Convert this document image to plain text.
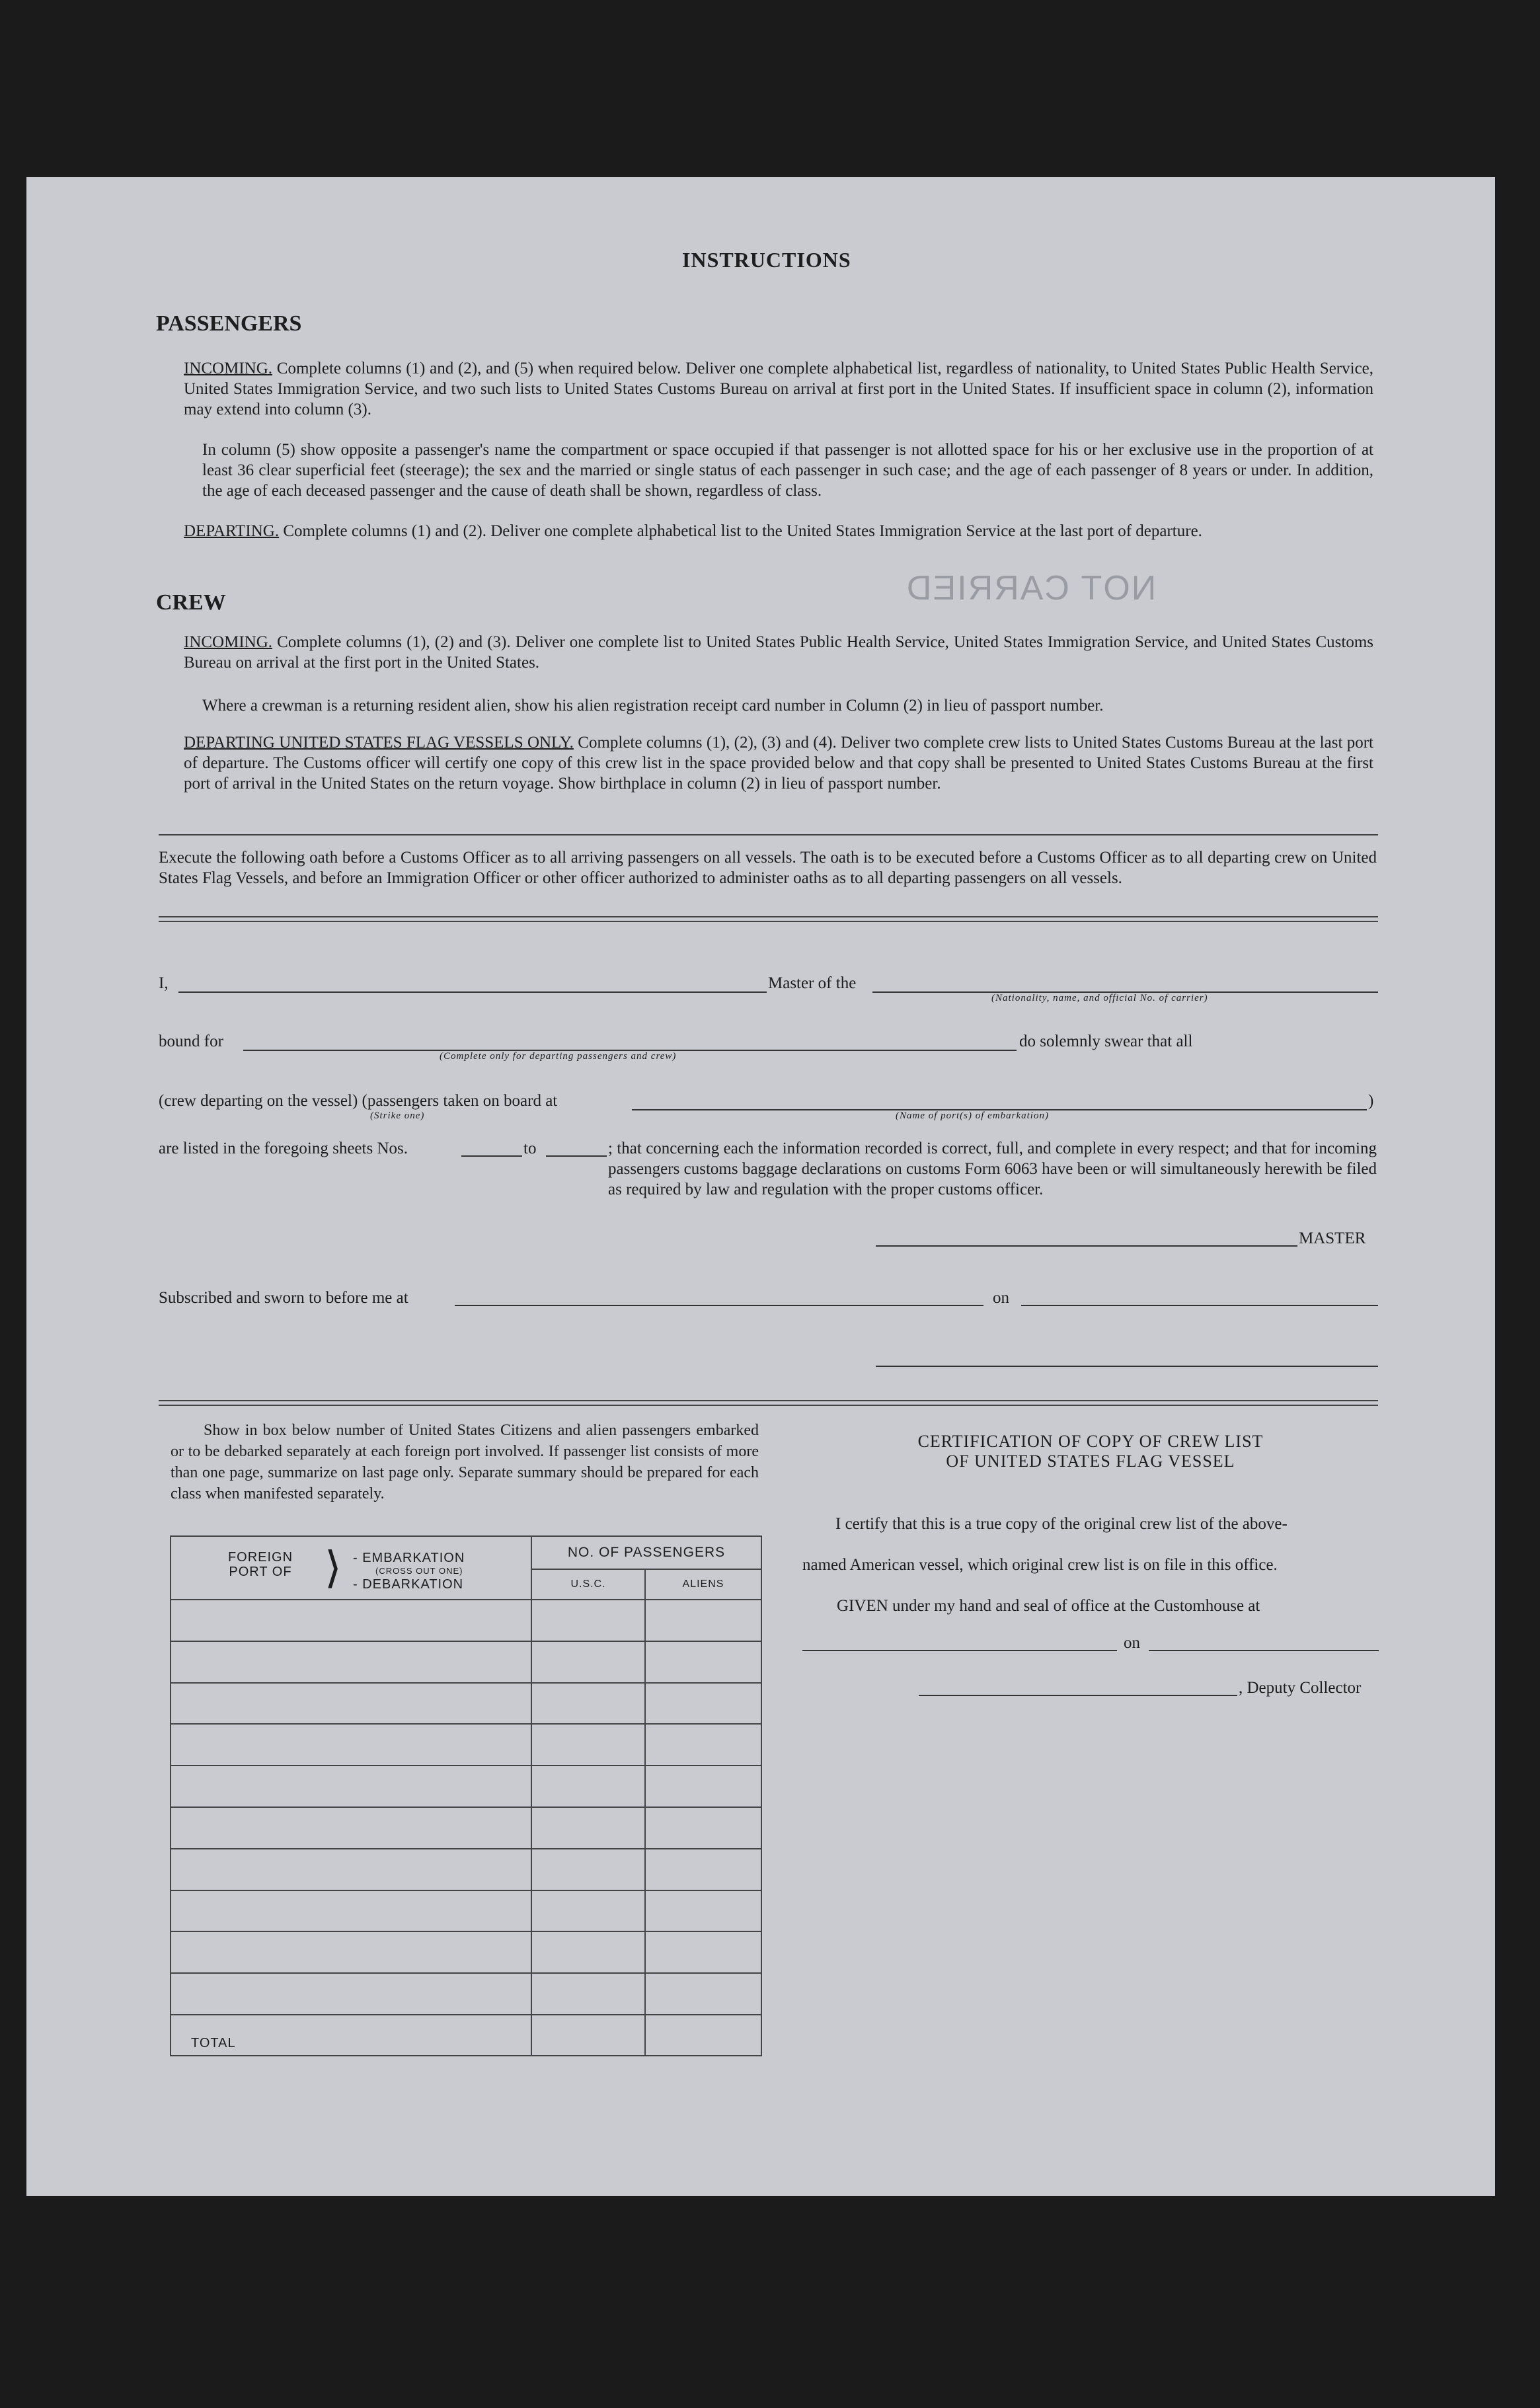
NOT CARRIED
INSTRUCTIONS
PASSENGERS
INCOMING. Complete columns (1) and (2), and (5) when required below. Deliver one complete alphabetical list, regardless of nationality, to United States Public Health Service, United States Immigration Service, and two such lists to United States Customs Bureau on arrival at first port in the United States. If insufficient space in column (2), information may extend into column (3).
In column (5) show opposite a passenger's name the compartment or space occupied if that passenger is not allotted space for his or her exclusive use in the proportion of at least 36 clear superficial feet (steerage); the sex and the married or single status of each passenger in such case; and the age of each passenger of 8 years or under. In addition, the age of each deceased passenger and the cause of death shall be shown, regardless of class.
DEPARTING. Complete columns (1) and (2). Deliver one complete alphabetical list to the United States Immigration Service at the last port of departure.
CREW
INCOMING. Complete columns (1), (2) and (3). Deliver one complete list to United States Public Health Service, United States Immigration Service, and United States Customs Bureau on arrival at the first port in the United States.
Where a crewman is a returning resident alien, show his alien registration receipt card number in Column (2) in lieu of passport number.
DEPARTING UNITED STATES FLAG VESSELS ONLY. Complete columns (1), (2), (3) and (4). Deliver two complete crew lists to United States Customs Bureau at the last port of departure. The Customs officer will certify one copy of this crew list in the space provided below and that copy shall be presented to United States Customs Bureau at the first port of arrival in the United States on the return voyage. Show birthplace in column (2) in lieu of passport number.
Execute the following oath before a Customs Officer as to all arriving passengers on all vessels. The oath is to be executed before a Customs Officer as to all departing crew on United States Flag Vessels, and before an Immigration Officer or other officer authorized to administer oaths as to all departing passengers on all vessels.
I,	Master of the
(Nationality, name, and official No. of carrier)
bound for
(Complete only for departing passengers and crew)
do solemnly swear that all
(crew departing on the vessel) (passengers taken on board at	)
(Strike one)	(Name of port(s) of embarkation)
are listed in the foregoing sheets Nos.	to	; that concerning each the information recorded is correct, full, and complete in every respect; and that for incoming passengers customs baggage declarations on customs Form 6063 have been or will simultaneously herewith be filed as required by law and regulation with the proper customs officer.
MASTER
Subscribed and sworn to before me at	on
Show in box below number of United States Citizens and alien passengers embarked or to be debarked separately at each foreign port involved. If passenger list consists of more than one page, summarize on last page only. Separate summary should be prepared for each class when manifested separately.
FOREIGN PORT OF ⟩ - EMBARKATION
(CROSS OUT ONE)
- DEBARKATION	NO. OF PASSENGERS	
	U.S.C.	ALIENS

TOTAL		
CERTIFICATION OF COPY OF CREW LIST
OF UNITED STATES FLAG VESSEL
I certify that this is a true copy of the original crew list of the above-
named American vessel, which original crew list is on file in this office.
GIVEN under my hand and seal of office at the Customhouse at
on
, Deputy Collector
